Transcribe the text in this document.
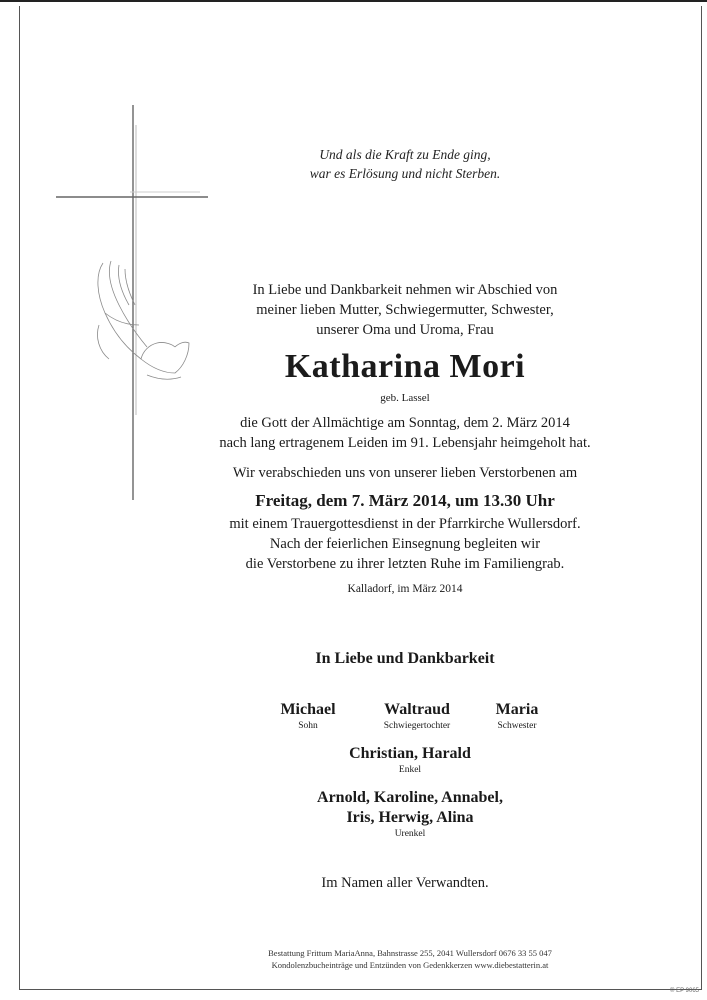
Und als die Kraft zu Ende ging,
war es Erlösung und nicht Sterben.
In Liebe und Dankbarkeit nehmen wir Abschied von
meiner lieben Mutter, Schwiegermutter, Schwester,
unserer Oma und Uroma, Frau
Katharina Mori
geb. Lassel
die Gott der Allmächtige am Sonntag, dem 2. März 2014
nach lang ertragenem Leiden im 91. Lebensjahr heimgeholt hat.
Wir verabschieden uns von unserer lieben Verstorbenen am
Freitag, dem 7. März 2014, um 13.30 Uhr
mit einem Trauergottesdienst in der Pfarrkirche Wullersdorf.
Nach der feierlichen Einsegnung begleiten wir
die Verstorbene zu ihrer letzten Ruhe im Familiengrab.
Kalladorf, im März 2014
In Liebe und Dankbarkeit
Michael
Sohn
Waltraud
Schwiegertochter
Maria
Schwester
Christian, Harald
Enkel
Arnold, Karoline, Annabel,
Iris, Herwig, Alina
Urenkel
Im Namen aller Verwandten.
Bestattung Frittum MariaAnna, Bahnstrasse 255, 2041 Wullersdorf 0676 33 55 047
Kondolenzbucheinträge und Entzünden von Gedenkkerzen www.diebestatterin.at
© EP 9065
